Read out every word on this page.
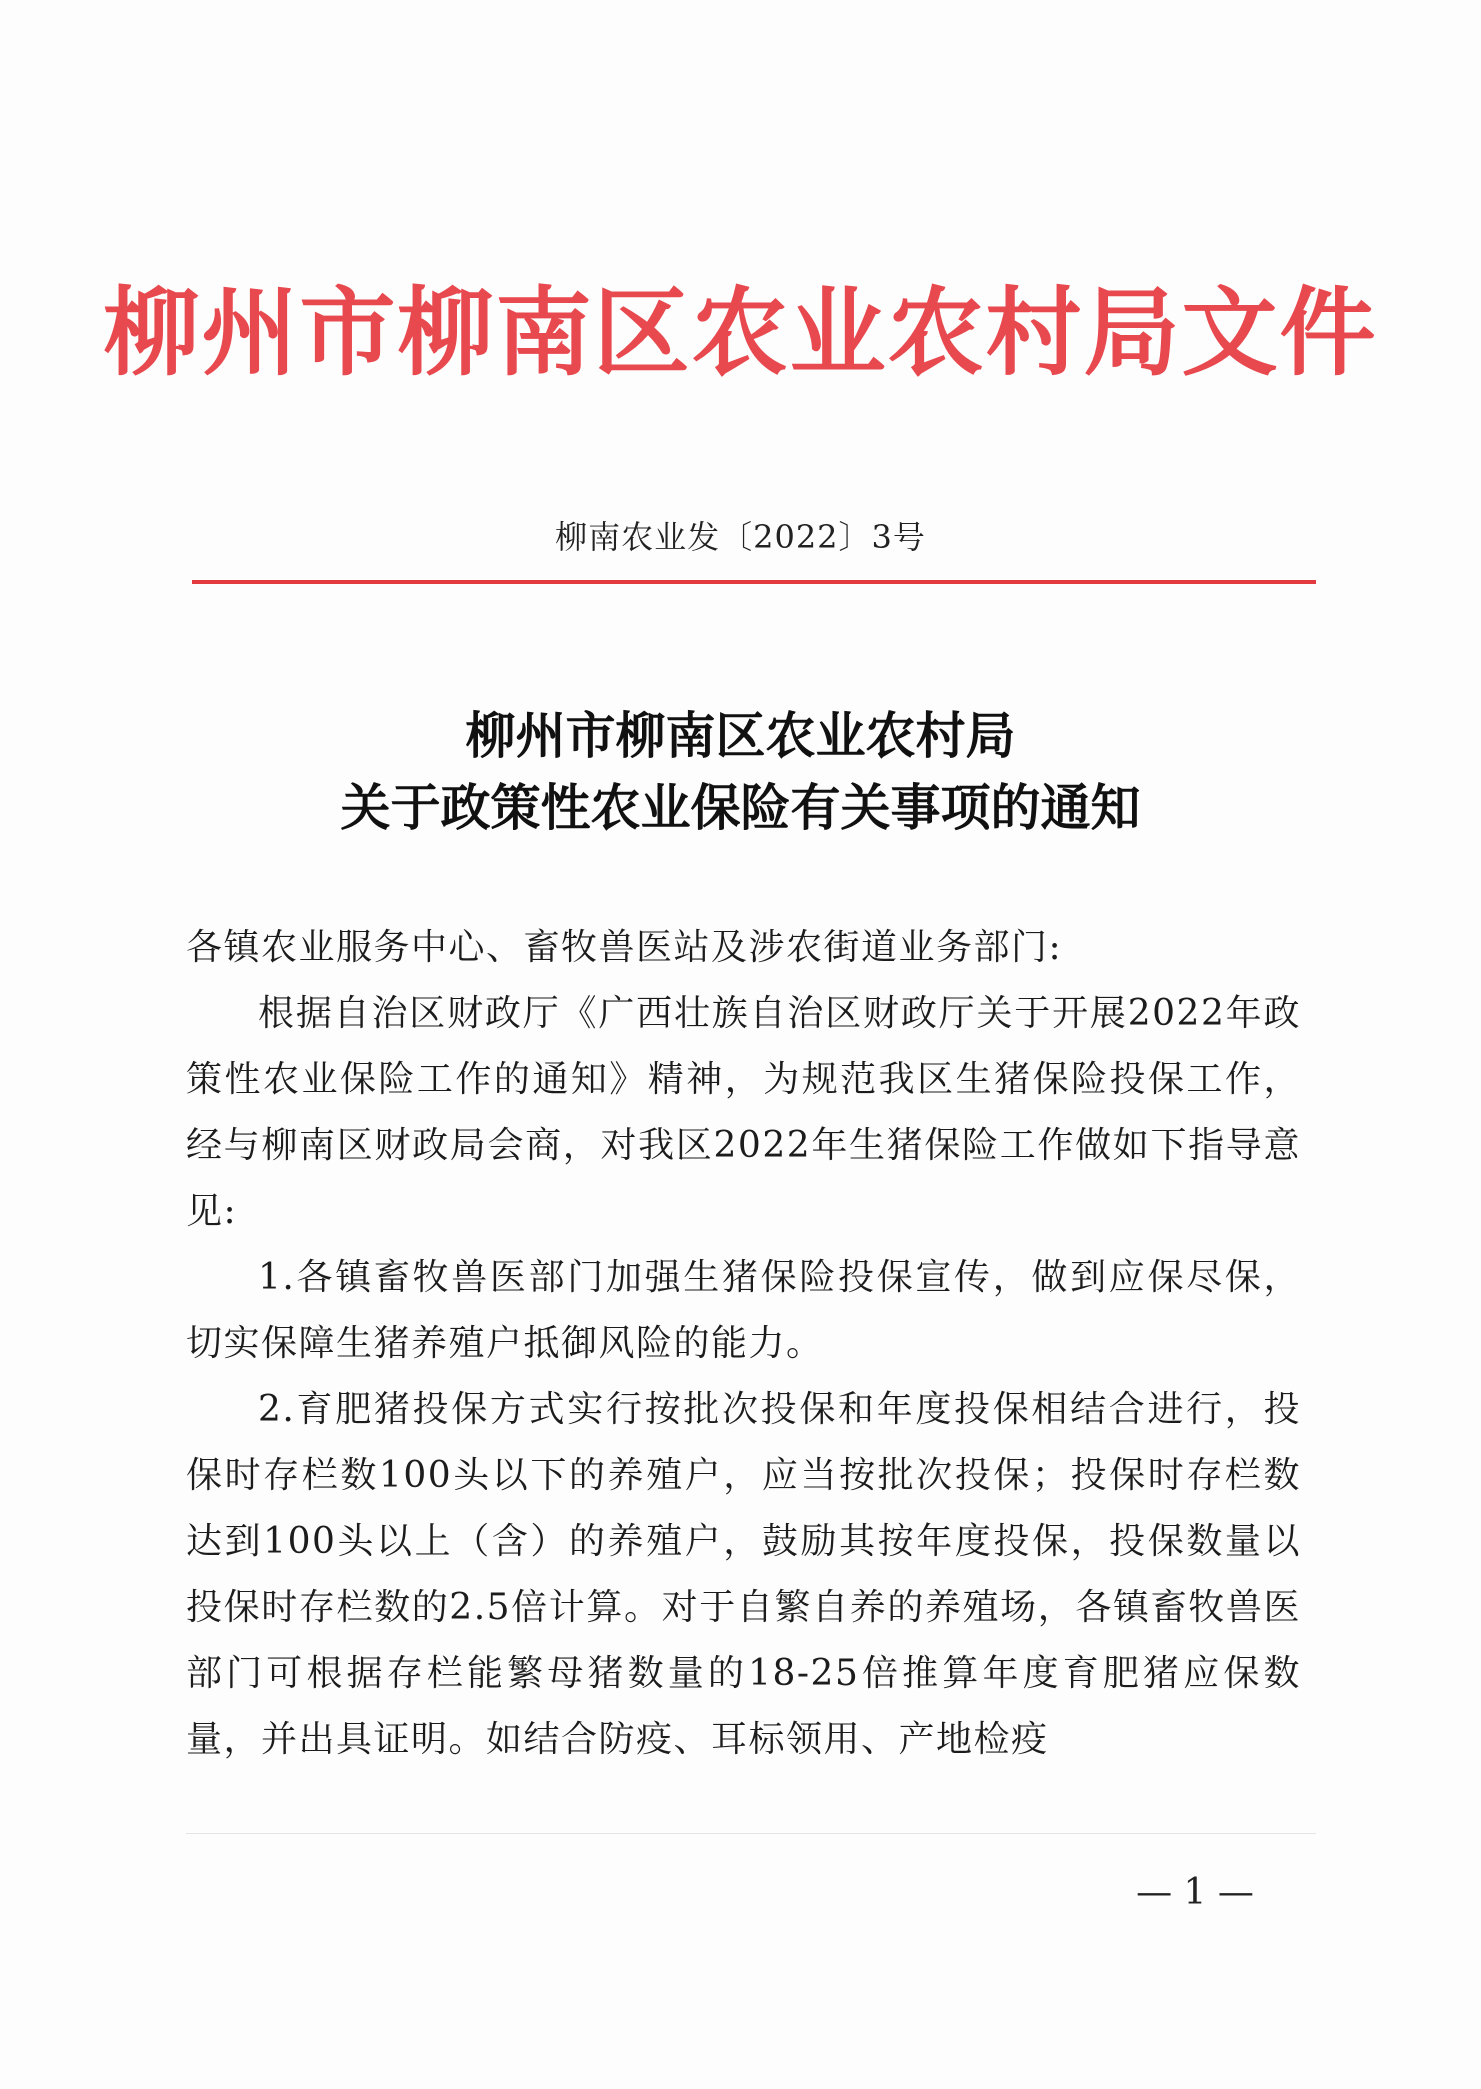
柳州市柳南区农业农村局文件
柳南农业发〔2022〕3号
柳州市柳南区农业农村局
关于政策性农业保险有关事项的通知

各镇农业服务中心、畜牧兽医站及涉农街道业务部门:

根据自治区财政厅《广西壮族自治区财政厅关于开展2022年政策性农业保险工作的通知》精神，为规范我区生猪保险投保工作，经与柳南区财政局会商，对我区2022年生猪保险工作做如下指导意见:

1.各镇畜牧兽医部门加强生猪保险投保宣传，做到应保尽保，切实保障生猪养殖户抵御风险的能力。

2.育肥猪投保方式实行按批次投保和年度投保相结合进行，投保时存栏数100头以下的养殖户，应当按批次投保；投保时存栏数达到100头以上（含）的养殖户，鼓励其按年度投保，投保数量以投保时存栏数的2.5倍计算。对于自繁自养的养殖场，各镇畜牧兽医部门可根据存栏能繁母猪数量的18-25倍推算年度育肥猪应保数量，并出具证明。如结合防疫、耳标领用、产地检疫

— 1 —
